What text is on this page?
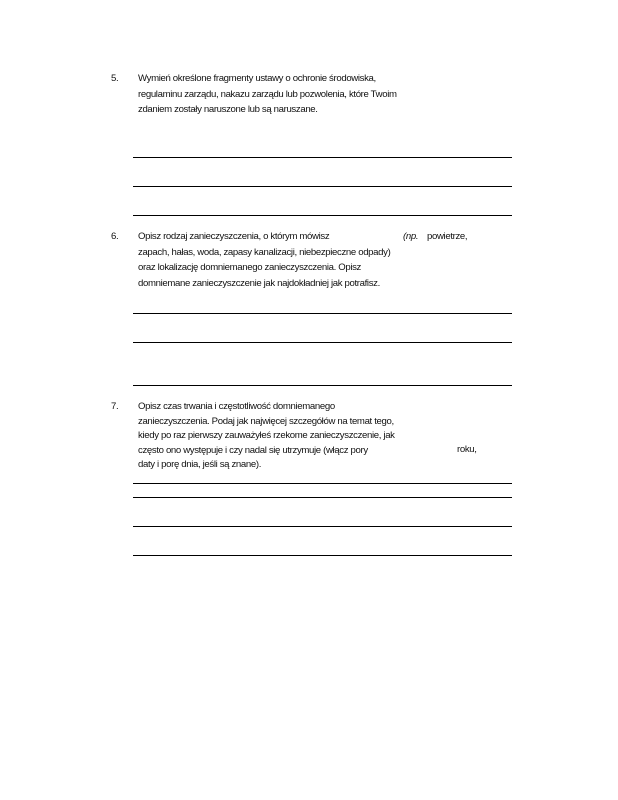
5. Wymień określone fragmenty ustawy o ochronie środowiska,
regulaminu zarządu, nakazu zarządu lub pozwolenia, które Twoim
zdaniem zostały naruszone lub są naruszane.
6. Opisz rodzaj zanieczyszczenia, o którym mówisz
zapach, hałas, woda, zapasy kanalizacji, niebezpieczne odpady)
oraz lokalizację domniemanego zanieczyszczenia. Opisz
domniemane zanieczyszczenie jak najdokładniej jak potrafisz.
(np. powietrze,
7. Opisz czas trwania i częstotliwość domniemanego
zanieczyszczenia. Podaj jak najwięcej szczegółów na temat tego,
kiedy po raz pierwszy zauważyłeś rzekome zanieczyszczenie, jak
często ono występuje i czy nadal się utrzymuje (włącz pory
daty i porę dnia, jeśli są znane).
roku,
